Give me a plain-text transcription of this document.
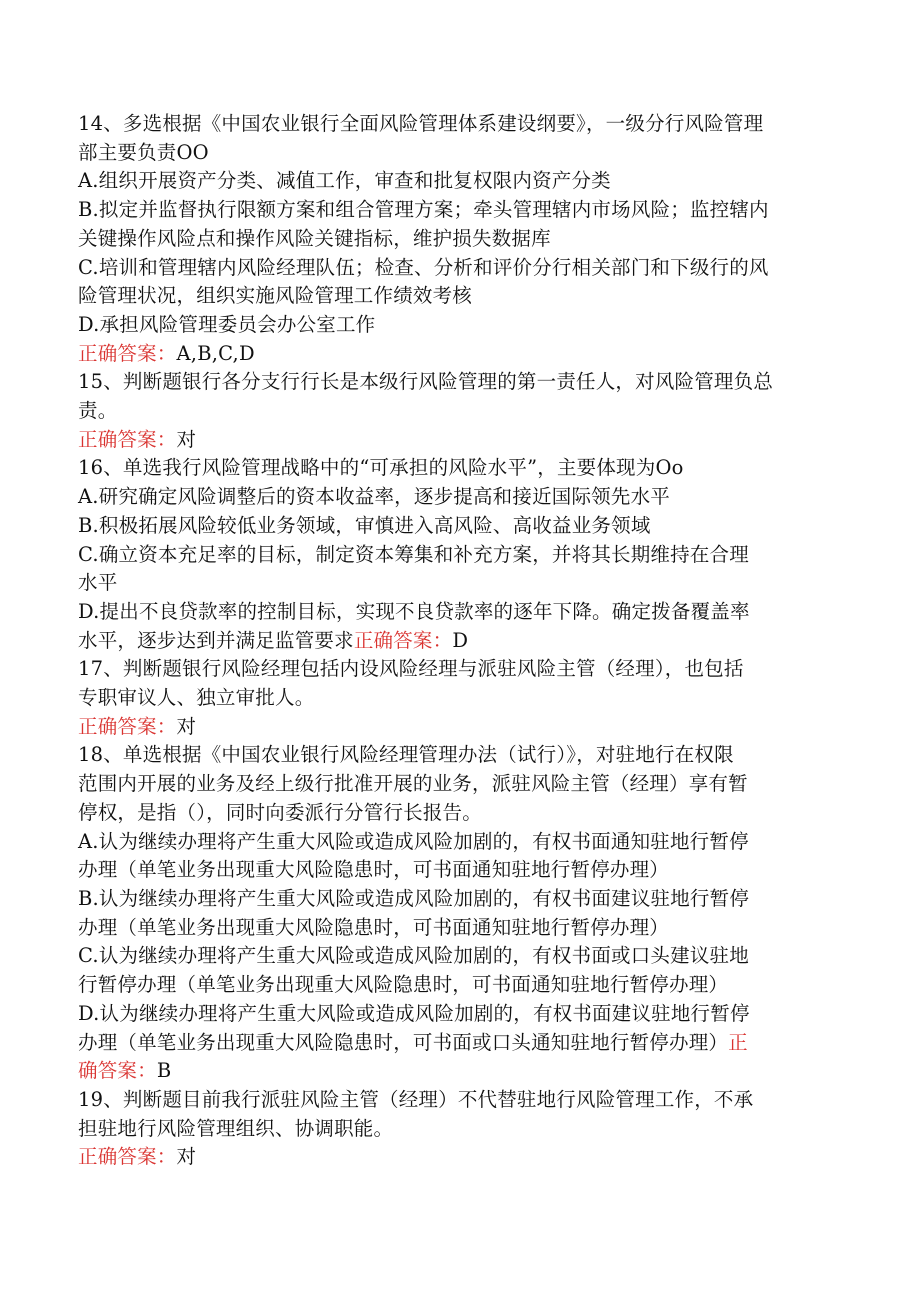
14、多选根据《中国农业银行全面风险管理体系建设纲要》，一级分行风险管理
部主要负责OO
A.组织开展资产分类、减值工作，审查和批复权限内资产分类
B.拟定并监督执行限额方案和组合管理方案；牵头管理辖内市场风险；监控辖内
关键操作风险点和操作风险关键指标，维护损失数据库
C.培训和管理辖内风险经理队伍；检查、分析和评价分行相关部门和下级行的风
险管理状况，组织实施风险管理工作绩效考核
D.承担风险管理委员会办公室工作
正确答案：A,B,C,D
15、判断题银行各分支行行长是本级行风险管理的第一责任人，对风险管理负总
责。
正确答案：对
16、单选我行风险管理战略中的“可承担的风险水平”，主要体现为Oo
A.研究确定风险调整后的资本收益率，逐步提高和接近国际领先水平
B.积极拓展风险较低业务领域，审慎进入高风险、高收益业务领域
C.确立资本充足率的目标，制定资本筹集和补充方案，并将其长期维持在合理
水平
D.提出不良贷款率的控制目标，实现不良贷款率的逐年下降。确定拨备覆盖率
水平，逐步达到并满足监管要求正确答案：D
17、判断题银行风险经理包括内设风险经理与派驻风险主管（经理），也包括
专职审议人、独立审批人。
正确答案：对
18、单选根据《中国农业银行风险经理管理办法（试行）》，对驻地行在权限
范围内开展的业务及经上级行批准开展的业务，派驻风险主管（经理）享有暂
停权，是指（），同时向委派行分管行长报告。
A.认为继续办理将产生重大风险或造成风险加剧的，有权书面通知驻地行暂停
办理（单笔业务出现重大风险隐患时，可书面通知驻地行暂停办理）
B.认为继续办理将产生重大风险或造成风险加剧的，有权书面建议驻地行暂停
办理（单笔业务出现重大风险隐患时，可书面通知驻地行暂停办理）
C.认为继续办理将产生重大风险或造成风险加剧的，有权书面或口头建议驻地
行暂停办理（单笔业务出现重大风险隐患时，可书面通知驻地行暂停办理）
D.认为继续办理将产生重大风险或造成风险加剧的，有权书面建议驻地行暂停
办理（单笔业务出现重大风险隐患时，可书面或口头通知驻地行暂停办理）正
确答案：B
19、判断题目前我行派驻风险主管（经理）不代替驻地行风险管理工作，不承
担驻地行风险管理组织、协调职能。
正确答案：对
